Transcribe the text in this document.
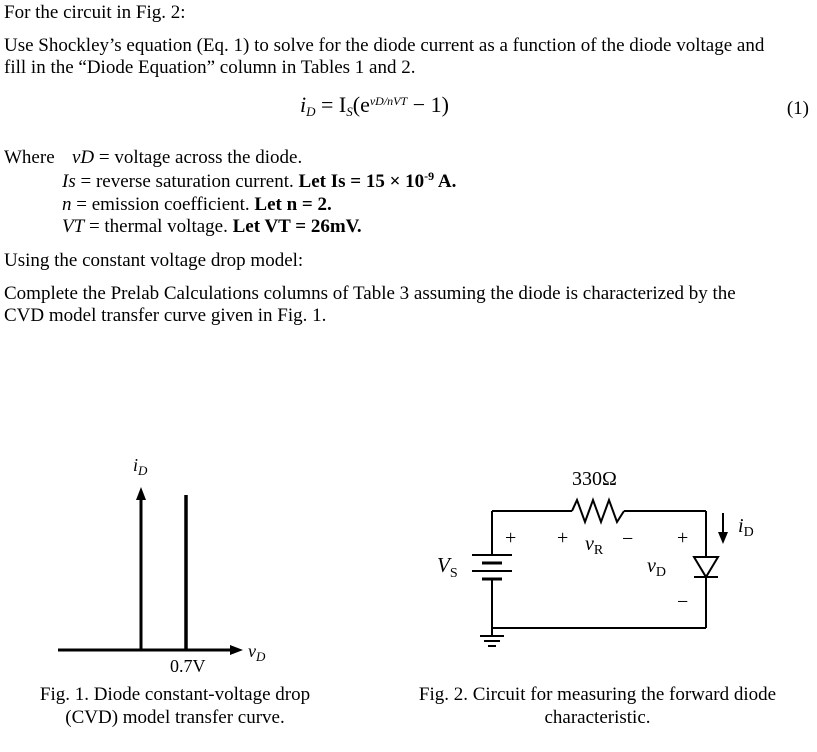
For the circuit in Fig. 2:
Use Shockley’s equation (Eq. 1) to solve for the diode current as a function of the diode voltage and
fill in the “Diode Equation” column in Tables 1 and 2.
$i_D = I_S(e^{vD/nVT} - 1)$	(1)
Where vD = voltage across the diode.
Is = reverse saturation current. Let $Is = 15 \times 10^{-9}$ A.
n = emission coefficient. Let n = 2.
VT = thermal voltage. Let VT = 26mV.
Using the constant voltage drop model:
Complete the Prelab Calculations columns of Table 3 assuming the diode is characterized by the
CVD model transfer curve given in Fig. 1.
$i_D$
$v_D$
0.7V
Fig. 1. Diode constant-voltage drop
(CVD) model transfer curve.
330Ω
+
$V_S$
+ $v_R$
− +
$v_D$
−
$i_D$
Fig. 2. Circuit for measuring the forward diode
characteristic.
